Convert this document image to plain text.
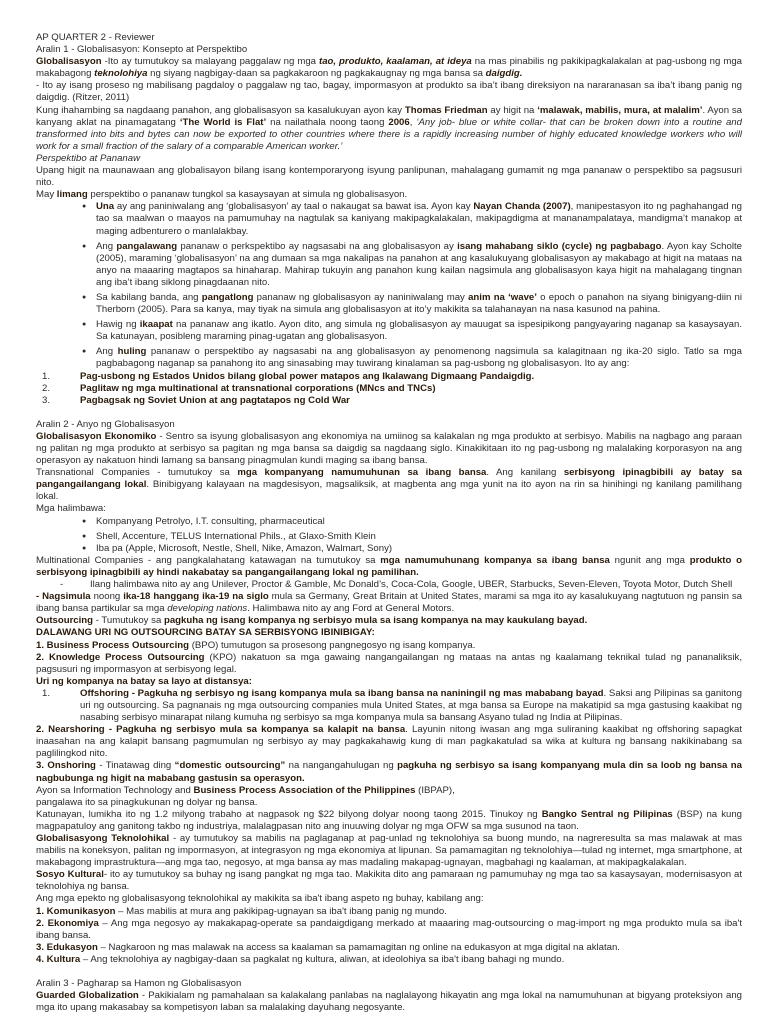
AP QUARTER 2 - Reviewer
Aralin 1 - Globalisasyon: Konsepto at Perspektibo
Globalisasyon -Ito ay tumutukoy sa malayang paggalaw ng mga tao, produkto, kaalaman, at ideya na mas pinabilis ng pakikipagkalakalan at pag-usbong ng mga makabagong teknolohiya ng siyang nagbigay-daan sa pagkakaroon ng pagkakaugnay ng mga bansa sa daigdig.
- Ito ay isang proseso ng mabilisang pagdaloy o paggalaw ng tao, bagay, impormasyon at produkto sa iba’t ibang direksiyon na nararanasan sa iba’t ibang panig ng daigdig. (Ritzer, 2011)
Kung ihahambing sa nagdaang panahon, ang globalisasyon sa kasalukuyan ayon kay Thomas Friedman ay higit na ‘malawak, mabilis, mura, at malalim’. Ayon sa kanyang aklat na pinamagatang ‘The World is Flat’ na nailathala noong taong 2006, ‘Any job- blue or white collar- that can be broken down into a routine and transformed into bits and bytes can now be exported to other countries where there is a rapidly increasing number of highly educated knowledge workers who will work for a small fraction of the salary of a comparable American worker.’
Perspektibo at Pananaw
Upang higit na maunawaan ang globalisayon bilang isang kontemporaryong isyung panlipunan, mahalagang gumamit ng mga pananaw o perspektibo sa pagsusuri nito.
May limang perspektibo o pananaw tungkol sa kasaysayan at simula ng globalisasyon.
● Una ay ang paniniwalang ang ‘globalisasyon’ ay taal o nakaugat sa bawat isa. Ayon kay Nayan Chanda (2007), manipestasyon ito ng paghahangad ng tao sa maalwan o maayos na pamumuhay na nagtulak sa kaniyang makipagkalakalan, makipagdigma at mananampalataya, mandigma’t manakop at maging adbenturero o manlalakbay.
● Ang pangalawang pananaw o perkspektibo ay nagsasabi na ang globalisasyon ay isang mahabang siklo (cycle) ng pagbabago. Ayon kay Scholte (2005), maraming ‘globalisasyon’ na ang dumaan sa mga nakalipas na panahon at ang kasalukuyang globalisasyon ay makabago at higit na mataas na anyo na maaaring magtapos sa hinaharap. Mahirap tukuyin ang panahon kung kailan nagsimula ang globalisasyon kaya higit na mahalagang tingnan ang iba’t ibang siklong pinagdaanan nito.
● Sa kabilang banda, ang pangatlong pananaw ng globalisasyon ay naniniwalang may anim na ‘wave’ o epoch o panahon na siyang binigyang-diin ni Therborn (2005). Para sa kanya, may tiyak na simula ang globalisasyon at ito’y makikita sa talahanayan na nasa kasunod na pahina.
● Hawig ng ikaapat na pananaw ang ikatlo. Ayon dito, ang simula ng globalisasyon ay mauugat sa ispesipikong pangyayaring naganap sa kasaysayan. Sa katunayan, posibleng maraming pinag-ugatan ang globalisasyon.
● Ang huling pananaw o perspektibo ay nagsasabi na ang globalisasyon ay penomenong nagsimula sa kalagitnaan ng ika-20 siglo. Tatlo sa mga pagbabagong naganap sa panahong ito ang sinasabing may tuwirang kinalaman sa pag-usbong ng globalisasyon. Ito ay ang:
1.	Pag-usbong ng Estados Unidos bilang global power matapos ang Ikalawang Digmaang Pandaigdig.
2.	Paglitaw ng mga multinational at transnational corporations (MNcs and TNCs)
3.	Pagbagsak ng Soviet Union at ang pagtatapos ng Cold War
Aralin 2 - Anyo ng Globalisasyon
Globalisasyon Ekonomiko - Sentro sa isyung globalisasyon ang ekonomiya na umiinog sa kalakalan ng mga produkto at serbisyo. Mabilis na nagbago ang paraan ng palitan ng mga produkto at serbisyo sa pagitan ng mga bansa sa daigdig sa nagdaang siglo. Kinakikitaan ito ng pag-usbong ng malalaking korporasyon na ang operasyon ay nakatuon hindi lamang sa bansang pinagmulan kundi maging sa ibang bansa.
Transnational Companies - tumutukoy sa mga kompanyang namumuhunan sa ibang bansa. Ang kanilang serbisyong ipinagbibili ay batay sa pangangailangang lokal. Binibigyang kalayaan na magdesisyon, magsaliksik, at magbenta ang mga yunit na ito ayon na rin sa hinihingi ng kanilang pamilihang lokal.
Mga halimbawa:
● Kompanyang Petrolyo, I.T. consulting, pharmaceutical
● Shell, Accenture, TELUS International Phils., at Glaxo-Smith Klein
● Iba pa (Apple, Microsoft, Nestle, Shell, Nike, Amazon, Walmart, Sony)
Multinational Companies - ang pangkalahatang katawagan na tumutukoy sa mga namumuhunang kompanya sa ibang bansa ngunit ang mga produkto o serbisyong ipinagbibili ay hindi nakabatay sa pangangailangang lokal ng pamilihan.
- Ilang halimbawa nito ay ang Unilever, Proctor & Gamble, Mc Donald’s, Coca-Cola, Google, UBER, Starbucks, Seven-Eleven, Toyota Motor, Dutch Shell
- Nagsimula noong ika-18 hanggang ika-19 na siglo mula sa Germany, Great Britain at United States, marami sa mga ito ay kasalukuyang nagtutuon ng pansin sa ibang bansa partikular sa mga developing nations. Halimbawa nito ay ang Ford at General Motors.
Outsourcing - Tumutukoy sa pagkuha ng isang kompanya ng serbisyo mula sa isang kompanya na may kaukulang bayad.
DALAWANG URI NG OUTSOURCING BATAY SA SERBISYONG IBINIBIGAY:
1. Business Process Outsourcing (BPO) tumutugon sa prosesong pangnegosyo ng isang kompanya.
2. Knowledge Process Outsourcing (KPO) nakatuon sa mga gawaing nangangailangan ng mataas na antas ng kaalamang teknikal tulad ng pananaliksik, pagsusuri ng impormasyon at serbisyong legal.
Uri ng kompanya na batay sa layo at distansya:
1.	Offshoring - Pagkuha ng serbisyo ng isang kompanya mula sa ibang bansa na naniningil ng mas mababang bayad. Saksi ang Pilipinas sa ganitong uri ng outsourcing. Sa pagnanais ng mga outsourcing companies mula United States, at mga bansa sa Europe na makatipid sa mga gastusing kaakibat ng nasabing serbisyo minarapat nilang kumuha ng serbisyo sa mga kompanya mula sa bansang Asyano tulad ng India at Pilipinas.
2. Nearshoring - Pagkuha ng serbisyo mula sa kompanya sa kalapit na bansa. Layunin nitong iwasan ang mga suliraning kaakibat ng offshoring sapagkat inaasahan na ang kalapit bansang pagmumulan ng serbisyo ay may pagkakahawig kung di man pagkakatulad sa wika at kultura ng bansang nakikinabang sa paglilingkod nito.
3. Onshoring - Tinatawag ding “domestic outsourcing” na nangangahulugan ng pagkuha ng serbisyo sa isang kompanyang mula din sa loob ng bansa na nagbubunga ng higit na mababang gastusin sa operasyon.
Ayon sa Information Technology and Business Process Association of the Philippines (IBPAP),
pangalawa ito sa pinagkukunan ng dolyar ng bansa.
Katunayan, lumikha ito ng 1.2 milyong trabaho at nagpasok ng $22 bilyong dolyar noong taong 2015. Tinukoy ng Bangko Sentral ng Pilipinas (BSP) na kung magpapatuloy ang ganitong takbo ng industriya, malalagpasan nito ang inuuwing dolyar ng mga OFW sa mga susunod na taon.
Globalisasyong Teknolohikal - ay tumutukoy sa mabilis na paglaganap at pag-unlad ng teknolohiya sa buong mundo, na nagreresulta sa mas malawak at mas mabilis na koneksyon, palitan ng impormasyon, at integrasyon ng mga ekonomiya at lipunan. Sa pamamagitan ng teknolohiya—tulad ng internet, mga smartphone, at makabagong imprastruktura—ang mga tao, negosyo, at mga bansa ay mas madaling makapag-ugnayan, magbahagi ng kaalaman, at makipagkalakalan.
Sosyo Kultural- ito ay tumutukoy sa buhay ng isang pangkat ng mga tao. Makikita dito ang pamaraan ng pamumuhay ng mga tao sa kasaysayan, modernisasyon at teknolohiya ng bansa.
Ang mga epekto ng globalisasyong teknolohikal ay makikita sa iba't ibang aspeto ng buhay, kabilang ang:
1. Komunikasyon – Mas mabilis at mura ang pakikipag-ugnayan sa iba't ibang panig ng mundo.
2. Ekonomiya – Ang mga negosyo ay makakapag-operate sa pandaigdigang merkado at maaaring mag-outsourcing o mag-import ng mga produkto mula sa iba't ibang bansa.
3. Edukasyon – Nagkaroon ng mas malawak na access sa kaalaman sa pamamagitan ng online na edukasyon at mga digital na aklatan.
4. Kultura – Ang teknolohiya ay nagbigay-daan sa pagkalat ng kultura, aliwan, at ideolohiya sa iba't ibang bahagi ng mundo.
Aralin 3 - Pagharap sa Hamon ng Globalisasyon
Guarded Globalization - Pakikialam ng pamahalaan sa kalakalang panlabas na naglalayong hikayatin ang mga lokal na namumuhunan at bigyang proteksiyon ang mga ito upang makasabay sa kompetisyon laban sa malalaking dayuhang negosyante.
